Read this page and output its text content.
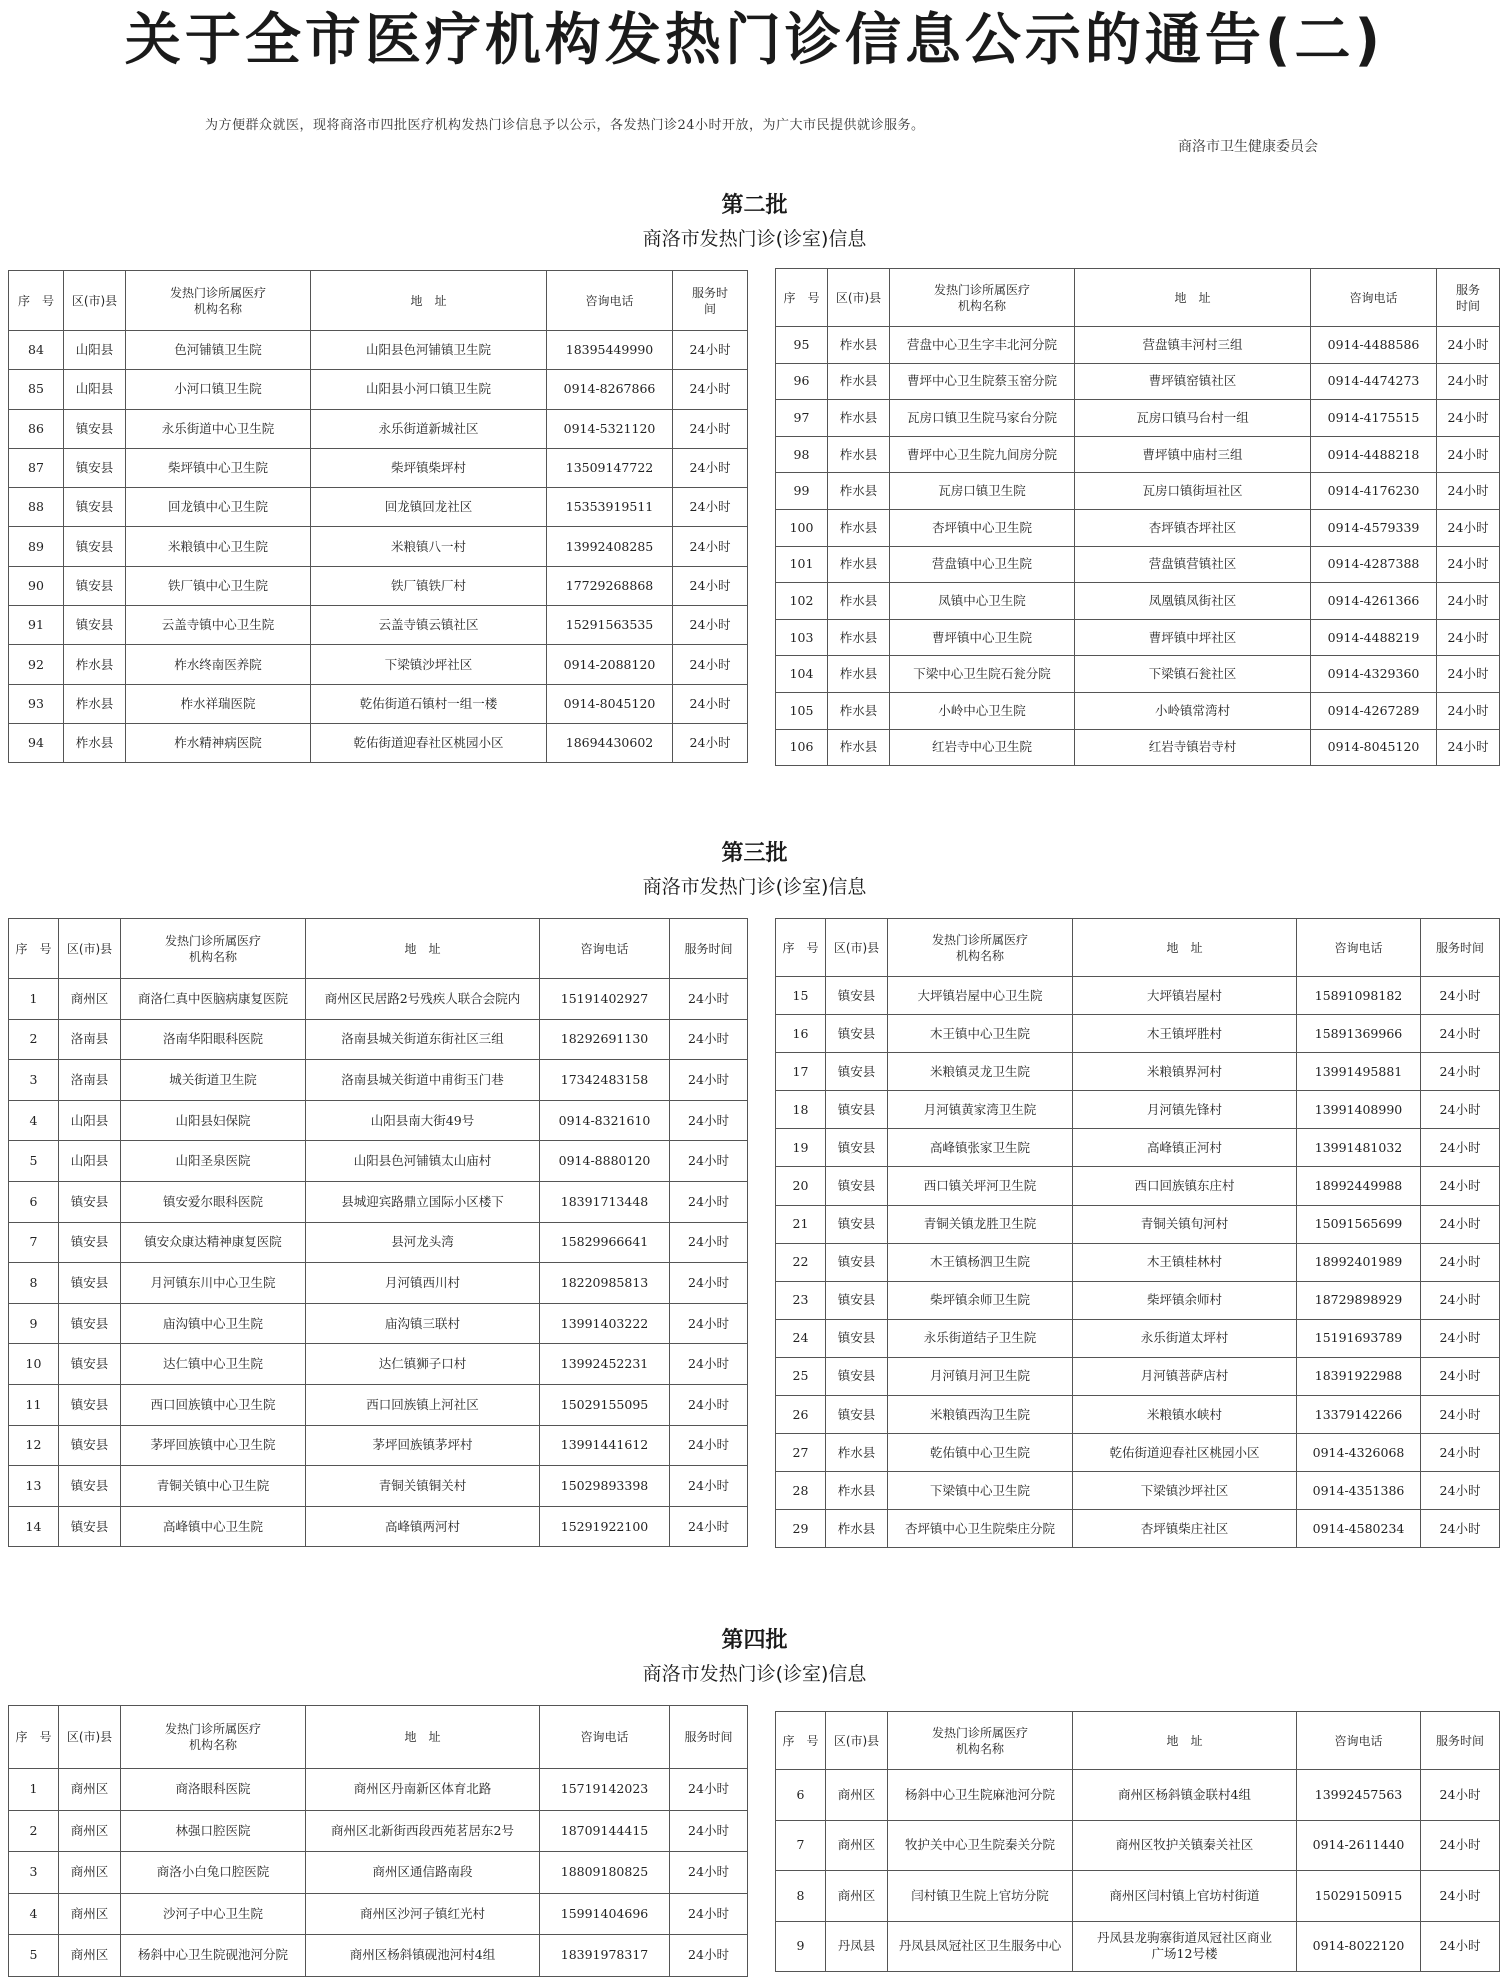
关于全市医疗机构发热门诊信息公示的通告(二)
为方便群众就医，现将商洛市四批医疗机构发热门诊信息予以公示，各发热门诊24小时开放，为广大市民提供就诊服务。
商洛市卫生健康委员会
第二批
商洛市发热门诊(诊室)信息
序　号	区(市)县	发热门诊所属医疗机构名称	地　址	咨询电话	服务时间
84	山阳县	色河铺镇卫生院	山阳县色河铺镇卫生院	18395449990	24小时
85	山阳县	小河口镇卫生院	山阳县小河口镇卫生院	0914-8267866	24小时
86	镇安县	永乐街道中心卫生院	永乐街道新城社区	0914-5321120	24小时
87	镇安县	柴坪镇中心卫生院	柴坪镇柴坪村	13509147722	24小时
88	镇安县	回龙镇中心卫生院	回龙镇回龙社区	15353919511	24小时
89	镇安县	米粮镇中心卫生院	米粮镇八一村	13992408285	24小时
90	镇安县	铁厂镇中心卫生院	铁厂镇铁厂村	17729268868	24小时
91	镇安县	云盖寺镇中心卫生院	云盖寺镇云镇社区	15291563535	24小时
92	柞水县	柞水终南医养院	下梁镇沙坪社区	0914-2088120	24小时
93	柞水县	柞水祥瑞医院	乾佑街道石镇村一组一楼	0914-8045120	24小时
94	柞水县	柞水精神病医院	乾佑街道迎春社区桃园小区	18694430602	24小时
序　号	区(市)县	发热门诊所属医疗机构名称	地　址	咨询电话	服务时间
95	柞水县	营盘中心卫生字丰北河分院	营盘镇丰河村三组	0914-4488586	24小时
96	柞水县	曹坪中心卫生院蔡玉窑分院	曹坪镇窑镇社区	0914-4474273	24小时
97	柞水县	瓦房口镇卫生院马家台分院	瓦房口镇马台村一组	0914-4175515	24小时
98	柞水县	曹坪中心卫生院九间房分院	曹坪镇中庙村三组	0914-4488218	24小时
99	柞水县	瓦房口镇卫生院	瓦房口镇街垣社区	0914-4176230	24小时
100	柞水县	杏坪镇中心卫生院	杏坪镇杏坪社区	0914-4579339	24小时
101	柞水县	营盘镇中心卫生院	营盘镇营镇社区	0914-4287388	24小时
102	柞水县	凤镇中心卫生院	凤凰镇凤街社区	0914-4261366	24小时
103	柞水县	曹坪镇中心卫生院	曹坪镇中坪社区	0914-4488219	24小时
104	柞水县	下梁中心卫生院石瓮分院	下梁镇石瓮社区	0914-4329360	24小时
105	柞水县	小岭中心卫生院	小岭镇常湾村	0914-4267289	24小时
106	柞水县	红岩寺中心卫生院	红岩寺镇岩寺村	0914-8045120	24小时
第三批
商洛市发热门诊(诊室)信息
序　号	区(市)县	发热门诊所属医疗机构名称	地　址	咨询电话	服务时间
1	商州区	商洛仁真中医脑病康复医院	商州区民居路2号残疾人联合会院内	15191402927	24小时
2	洛南县	洛南华阳眼科医院	洛南县城关街道东街社区三组	18292691130	24小时
3	洛南县	城关街道卫生院	洛南县城关街道中甫街玉门巷	17342483158	24小时
4	山阳县	山阳县妇保院	山阳县南大街49号	0914-8321610	24小时
5	山阳县	山阳圣泉医院	山阳县色河铺镇太山庙村	0914-8880120	24小时
6	镇安县	镇安爱尔眼科医院	县城迎宾路鼎立国际小区楼下	18391713448	24小时
7	镇安县	镇安众康达精神康复医院	县河龙头湾	15829966641	24小时
8	镇安县	月河镇东川中心卫生院	月河镇西川村	18220985813	24小时
9	镇安县	庙沟镇中心卫生院	庙沟镇三联村	13991403222	24小时
10	镇安县	达仁镇中心卫生院	达仁镇狮子口村	13992452231	24小时
11	镇安县	西口回族镇中心卫生院	西口回族镇上河社区	15029155095	24小时
12	镇安县	茅坪回族镇中心卫生院	茅坪回族镇茅坪村	13991441612	24小时
13	镇安县	青铜关镇中心卫生院	青铜关镇铜关村	15029893398	24小时
14	镇安县	高峰镇中心卫生院	高峰镇两河村	15291922100	24小时
序　号	区(市)县	发热门诊所属医疗机构名称	地　址	咨询电话	服务时间
15	镇安县	大坪镇岩屋中心卫生院	大坪镇岩屋村	15891098182	24小时
16	镇安县	木王镇中心卫生院	木王镇坪胜村	15891369966	24小时
17	镇安县	米粮镇灵龙卫生院	米粮镇界河村	13991495881	24小时
18	镇安县	月河镇黄家湾卫生院	月河镇先锋村	13991408990	24小时
19	镇安县	高峰镇张家卫生院	高峰镇正河村	13991481032	24小时
20	镇安县	西口镇关坪河卫生院	西口回族镇东庄村	18992449988	24小时
21	镇安县	青铜关镇龙胜卫生院	青铜关镇旬河村	15091565699	24小时
22	镇安县	木王镇杨泗卫生院	木王镇桂林村	18992401989	24小时
23	镇安县	柴坪镇余师卫生院	柴坪镇余师村	18729898929	24小时
24	镇安县	永乐街道结子卫生院	永乐街道太坪村	15191693789	24小时
25	镇安县	月河镇月河卫生院	月河镇菩萨店村	18391922988	24小时
26	镇安县	米粮镇西沟卫生院	米粮镇水峡村	13379142266	24小时
27	柞水县	乾佑镇中心卫生院	乾佑街道迎春社区桃园小区	0914-4326068	24小时
28	柞水县	下梁镇中心卫生院	下梁镇沙坪社区	0914-4351386	24小时
29	柞水县	杏坪镇中心卫生院柴庄分院	杏坪镇柴庄社区	0914-4580234	24小时
第四批
商洛市发热门诊(诊室)信息
序　号	区(市)县	发热门诊所属医疗机构名称	地　址	咨询电话	服务时间
1	商州区	商洛眼科医院	商州区丹南新区体育北路	15719142023	24小时
2	商州区	林强口腔医院	商州区北新街西段西苑茗居东2号	18709144415	24小时
3	商州区	商洛小白兔口腔医院	商州区通信路南段	18809180825	24小时
4	商州区	沙河子中心卫生院	商州区沙河子镇红光村	15991404696	24小时
5	商州区	杨斜中心卫生院砚池河分院	商州区杨斜镇砚池河村4组	18391978317	24小时
序　号	区(市)县	发热门诊所属医疗机构名称	地　址	咨询电话	服务时间
6	商州区	杨斜中心卫生院麻池河分院	商州区杨斜镇金联村4组	13992457563	24小时
7	商州区	牧护关中心卫生院秦关分院	商州区牧护关镇秦关社区	0914-2611440	24小时
8	商州区	闫村镇卫生院上官坊分院	商州区闫村镇上官坊村街道	15029150915	24小时
9	丹凤县	丹凤县凤冠社区卫生服务中心	丹凤县龙驹寨街道凤冠社区商业广场12号楼	0914-8022120	24小时
